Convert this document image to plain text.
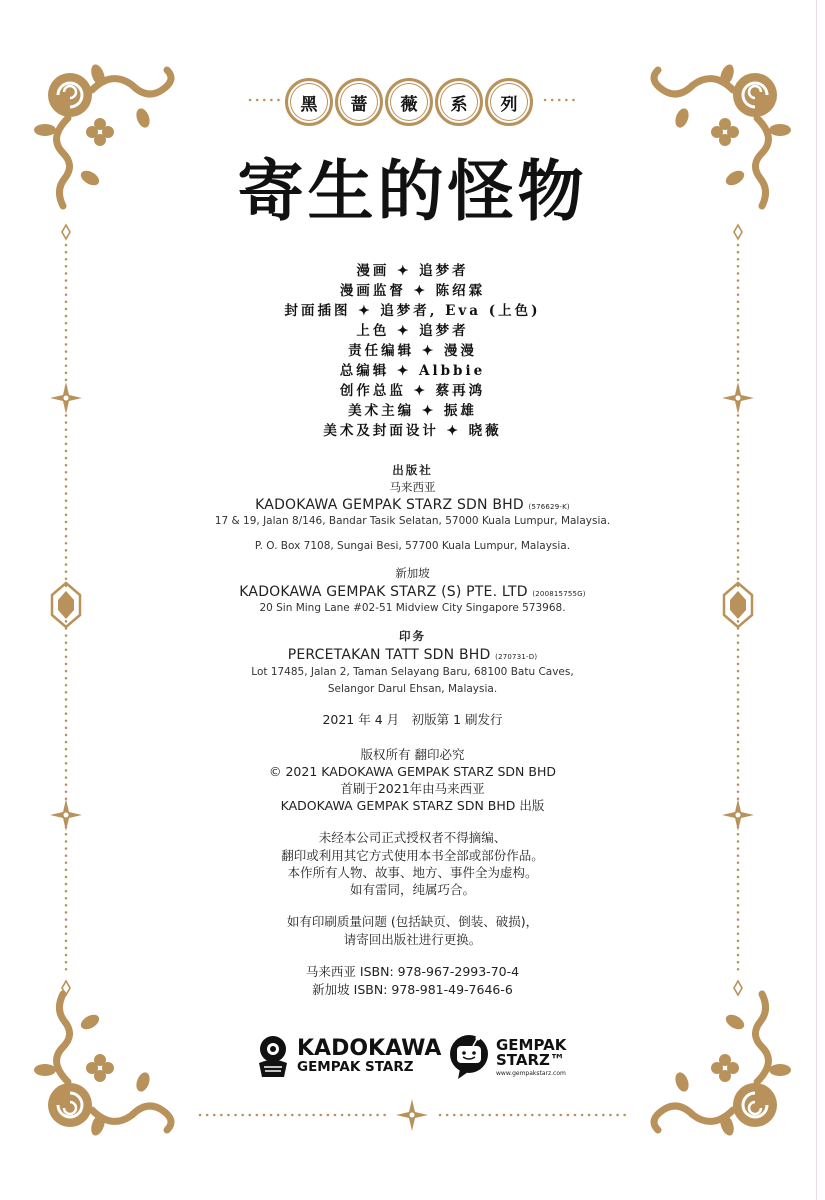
黑	蔷	薇	系	列
寄生的怪物
漫画 ✦ 追梦者
漫画监督 ✦ 陈绍霖
封面插图 ✦ 追梦者, Eva (上色)
上色 ✦ 追梦者
责任编辑 ✦ 漫漫
总编辑 ✦ Albbie
创作总监 ✦ 蔡再鸿
美术主编 ✦ 振雄
美术及封面设计 ✦ 晓薇
出版社
马来西亚
KADOKAWA GEMPAK STARZ SDN BHD (576629-K)
17 & 19, Jalan 8/146, Bandar Tasik Selatan, 57000 Kuala Lumpur, Malaysia.
P. O. Box 7108, Sungai Besi, 57700 Kuala Lumpur, Malaysia.
新加坡
KADOKAWA GEMPAK STARZ (S) PTE. LTD (200815755G)
20 Sin Ming Lane #02-51 Midview City Singapore 573968.
印务
PERCETAKAN TATT SDN BHD (270731-D)
Lot 17485, Jalan 2, Taman Selayang Baru, 68100 Batu Caves,
Selangor Darul Ehsan, Malaysia.
2021 年 4 月　初版第 1 刷发行
版权所有 翻印必究
© 2021 KADOKAWA GEMPAK STARZ SDN BHD
首刷于2021年由马来西亚
KADOKAWA GEMPAK STARZ SDN BHD 出版
未经本公司正式授权者不得摘编、
翻印或利用其它方式使用本书全部或部份作品。
本作所有人物、故事、地方、事件全为虚构。
如有雷同，纯属巧合。
如有印刷质量问题 (包括缺页、倒装、破损)，
请寄回出版社进行更换。
马来西亚 ISBN: 978-967-2993-70-4
新加坡 ISBN: 978-981-49-7646-6
KADOKAWA
GEMPAK STARZ
GEMPAK
STARZ™
www.gempakstarz.com
